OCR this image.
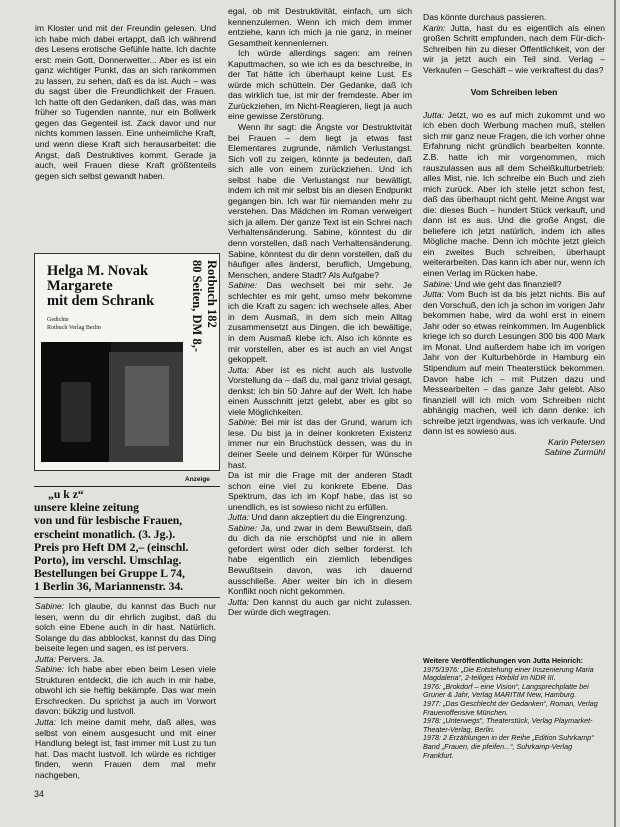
im Kloster und mit der Freundin gelesen. Und ich habe mich dabei ertappt, daß ich während des Lesens erotische Gefühle hatte. Ich dachte erst: mein Gott, Donnerwetter... Aber es ist ein ganz wichtiger Punkt, das an sich rankommen zu lassen, zu sehen, daß es da ist. Auch – was du sagst über die Freundlichkeit der Frauen. Ich hatte oft den Gedanken, daß das, was man früher so Tugenden nannte, nur ein Bollwerk gegen das Gegenteil ist. Zack davor und nur nichts kommen lassen. Eine unheimliche Kraft, und wenn diese Kraft sich herausarbeitet: die Angst, daß Destruktives kommt. Gerade ja auch, weil Frauen diese Kraft größtenteils gegen sich selbst gewandt haben.

Helga M. Novak
Margarete
mit dem Schrank
Gedichte
Rotbuch Verlag Berlin
Rotbuch 182
80 Seiten, DM 8,-
Anzeige
„u k z“
unsere kleine zeitung
von und für lesbische Frauen,
erscheint monatlich. (3. Jg.).
Preis pro Heft DM 2,– (einschl.
Porto), im verschl. Umschlag.
Bestellungen bei Gruppe L 74,
1 Berlin 36, Mariannenstr. 34.

Sabine: Ich glaube, du kannst das Buch nur lesen, wenn du dir ehrlich zugibst, daß du solch eine Ebene auch in dir hast. Natürlich. Solange du das abblockst, kannst du das Ding beiseite legen und sagen, es ist pervers.

Jutta: Pervers. Ja.

Sabine: Ich habe aber eben beim Lesen viele Strukturen entdeckt, die ich auch in mir habe, obwohl ich sie heftig bekämpfe. Das war mein Erschrecken. Du sprichst ja auch im Vorwort davon: bükzig und lustvoll.

Jutta: Ich meine damit mehr, daß alles, was selbst von einem ausgesucht und mit einer Handlung belegt ist, fast immer mit Lust zu tun hat. Das macht lustvoll. Ich würde es richtiger finden, wenn Frauen dem mal mehr nachgeben,

egal, ob mit Destruktivität, einfach, um sich kennenzulernen. Wenn ich mich dem immer entziehe, kann ich mich ja nie ganz, in meiner Gesamtheit kennenlernen.

Ich würde allerdings sagen: am reinen Kaputtmachen, so wie ich es da beschreibe, in der Tat hätte ich überhaupt keine Lust. Es würde mich schütteln. Der Gedanke, daß ich das wirklich tue, ist mir der fremdeste. Aber im Zurückziehen, im Nicht-Reagieren, liegt ja auch eine gewisse Zerstörung.

Wenn ihr sagt: die Ängste vor Destruktivität bei Frauen – dem liegt ja etwas fast Elementares zugrunde, nämlich Verlustangst. Sich voll zu zeigen, könnte ja bedeuten, daß sich alle von einem zurückziehen. Und ich selbst habe die Verlustangst nur bewältigt, indem ich mit mir selbst bis an diesen Endpunkt gegangen bin. Ich war für niemanden mehr zu verstehen. Das Mädchen im Roman verweigert sich ja allem. Der ganze Text ist ein Schrei nach Verhaltensänderung. Sabine, könntest du dir denn vorstellen, daß nach Verhaltensänderung. Sabine, könntest du dir denn vorstellen, daß du häufiger alles änderst, beruflich, Umgebung, Menschen, andere Stadt? Als Aufgabe?

Sabine: Das wechselt bei mir sehr. Je schlechter es mir geht, umso mehr bekomme ich die Kraft zu sagen: ich wechsele alles. Aber in dem Ausmaß, in dem sich mein Alltag zusammensetzt aus Dingen, die ich bewältige, in dem Ausmaß klebe ich. Also ich könnte es mir vorstellen, aber es ist auch an viel Angst gekoppelt.

Jutta: Aber ist es nicht auch als lustvolle Vorstellung da – daß du, mal ganz trivial gesagt, denkst: ich bin 50 Jahre auf der Welt. Ich habe einen Ausschnitt jetzt gelebt, aber es gibt so viele Möglichkeiten.

Sabine: Bei mir ist das der Grund, warum ich lese. Du bist ja in deiner konkreten Existenz immer nur ein Bruchstück dessen, was du in deiner Seele und deinem Körper für Wünsche hast.

Da ist mir die Frage mit der anderen Stadt schon eine viel zu konkrete Ebene. Das Spektrum, das ich im Kopf habe, das ist so unendlich, es ist sowieso nicht zu erfüllen.

Jutta: Und dann akzeptiert du die Eingrenzung.

Sabine: Ja, und zwar in dem Bewußtsein, daß du dich da nie erschöpfst und nie in allem gefordert wirst oder dich selber forderst. Ich habe eigentlich ein ziemlich lebendiges Bewußtsein davon, was ich dauernd ausschließe. Aber weiter bin ich in diesem Konflikt noch nicht gekommen.

Jutta: Den kannst du auch gar nicht zulassen. Der würde dich wegtragen.

Das könnte durchaus passieren.

Karin: Jutta, hast du es eigentlich als einen großen Schritt empfunden, nach dem Für-dich-Schreiben hin zu dieser Öffentlichkeit, von der wir ja jetzt auch ein Teil sind. Verlag – Verkaufen – Geschäft – wie verkraftest du das?

Vom Schreiben leben

Jutta: Jetzt, wo es auf mich zukommt und wo ich eben doch Werbung machen muß, stellen sich mir ganz neue Fragen, die ich vorher ohne Erfahrung nicht gründlich bearbeiten konnte. Z.B. hatte ich mir vorgenommen, mich rauszulassen aus all dem Scheißkulturbetrieb: alles Mist, nie. Ich schreibe ein Buch und zieh mich zurück. Aber ich stelle jetzt schon fest, daß das überhaupt nicht geht. Meine Angst war die: dieses Buch – hundert Stück verkauft, und dann ist es aus. Und die große Angst, die beliefere ich jetzt natürlich, indem ich alles Mögliche mache. Denn ich möchte jetzt gleich ein zweites Buch schreiben, überhaupt weiterarbeiten. Das kann ich aber nur, wenn ich einen Verlag im Rücken habe.

Sabine: Und wie geht das finanziell?

Jutta: Vom Buch ist da bis jetzt nichts. Bis auf den Vorschuß, den ich ja schon im vorigen Jahr bekommen habe, wird da wohl erst in einem Jahr oder so etwas reinkommen. Im Augenblick kriege ich so durch Lesungen 300 bis 400 Mark im Monat. Und außerdem habe ich im vorigen Jahr von der Kulturbehörde in Hamburg ein Stipendium auf mein Theaterstück bekommen. Davon habe ich – mit Putzen dazu und Messearbeiten – das ganze Jahr gelebt. Also finanziell will ich mich vom Schreiben nicht abhängig machen, weil ich dann denke: ich schreibe jetzt irgendwas, was ich verkaufe. Und dann ist es sowieso aus.

Karin Petersen

Sabine Zurmühl

Weitere Veröffentlichungen von Jutta Heinrich:
1975/1976: „Die Entstehung einer Inszenierung Maria Magdalena“, 2-teiliges Hörbild im NDR III.
1976: „Brokdorf – eine Vision“, Langsprechplatte bei Gruner & Jahr, Verlag MARITIM New, Hamburg.
1977: „Das Geschlecht der Gedanken“, Roman, Verlag Frauenoffensive München.
1978: „Unterwegs“, Theaterstück, Verlag Playmarket-Theater-Verlag, Berlin.
1978: 2 Erzählungen in der Reihe „Edition Suhrkamp“ Band „Frauen, die pfeifen...“, Suhrkamp-Verlag Frankfurt.
34
